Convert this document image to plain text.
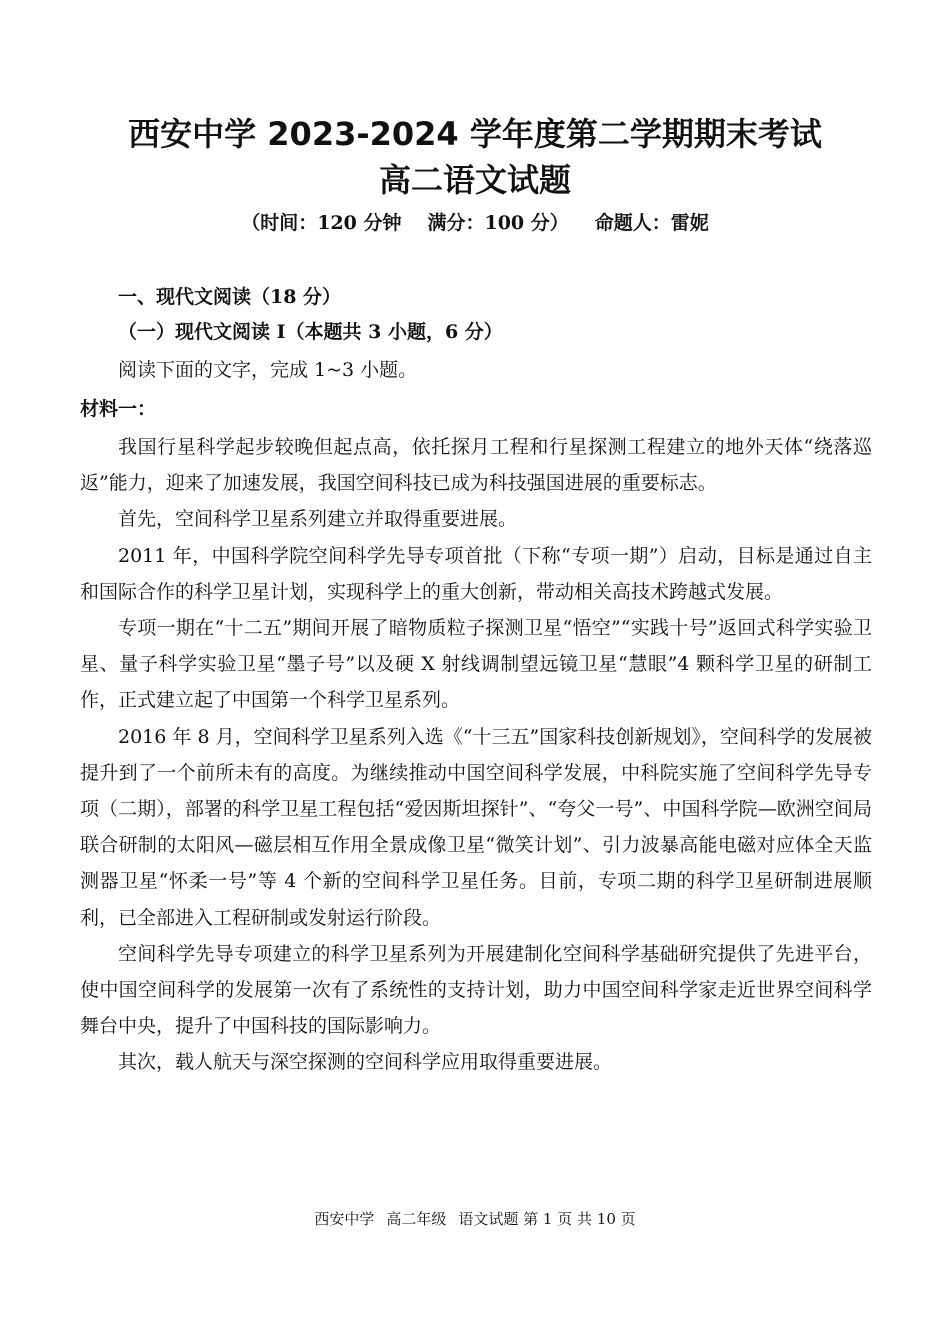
西安中学 2023-2024 学年度第二学期期末考试
高二语文试题
（时间：120 分钟 满分：100 分） 命题人：雷妮
一、现代文阅读（18 分）
（一）现代文阅读 I（本题共 3 小题，6 分）
阅读下面的文字，完成 1~3 小题。
材料一：

我国行星科学起步较晚但起点高，依托探月工程和行星探测工程建立的地外天体“绕落巡返”能力，迎来了加速发展，我国空间科技已成为科技强国进展的重要标志。

首先，空间科学卫星系列建立并取得重要进展。

2011 年，中国科学院空间科学先导专项首批（下称“专项一期”）启动，目标是通过自主和国际合作的科学卫星计划，实现科学上的重大创新，带动相关高技术跨越式发展。

专项一期在“十二五”期间开展了暗物质粒子探测卫星“悟空”“实践十号”返回式科学实验卫星、量子科学实验卫星“墨子号”以及硬 X 射线调制望远镜卫星“慧眼”4 颗科学卫星的研制工作，正式建立起了中国第一个科学卫星系列。

2016 年 8 月，空间科学卫星系列入选《“十三五”国家科技创新规划》，空间科学的发展被提升到了一个前所未有的高度。为继续推动中国空间科学发展，中科院实施了空间科学先导专项（二期），部署的科学卫星工程包括“爱因斯坦探针”、“夸父一号”、中国科学院—欧洲空间局联合研制的太阳风—磁层相互作用全景成像卫星“微笑计划”、引力波暴高能电磁对应体全天监测器卫星“怀柔一号”等 4 个新的空间科学卫星任务。目前，专项二期的科学卫星研制进展顺利，已全部进入工程研制或发射运行阶段。

空间科学先导专项建立的科学卫星系列为开展建制化空间科学基础研究提供了先进平台，使中国空间科学的发展第一次有了系统性的支持计划，助力中国空间科学家走近世界空间科学舞台中央，提升了中国科技的国际影响力。

其次，载人航天与深空探测的空间科学应用取得重要进展。

西安中学 高二年级 语文试题 第 1 页 共 10 页
